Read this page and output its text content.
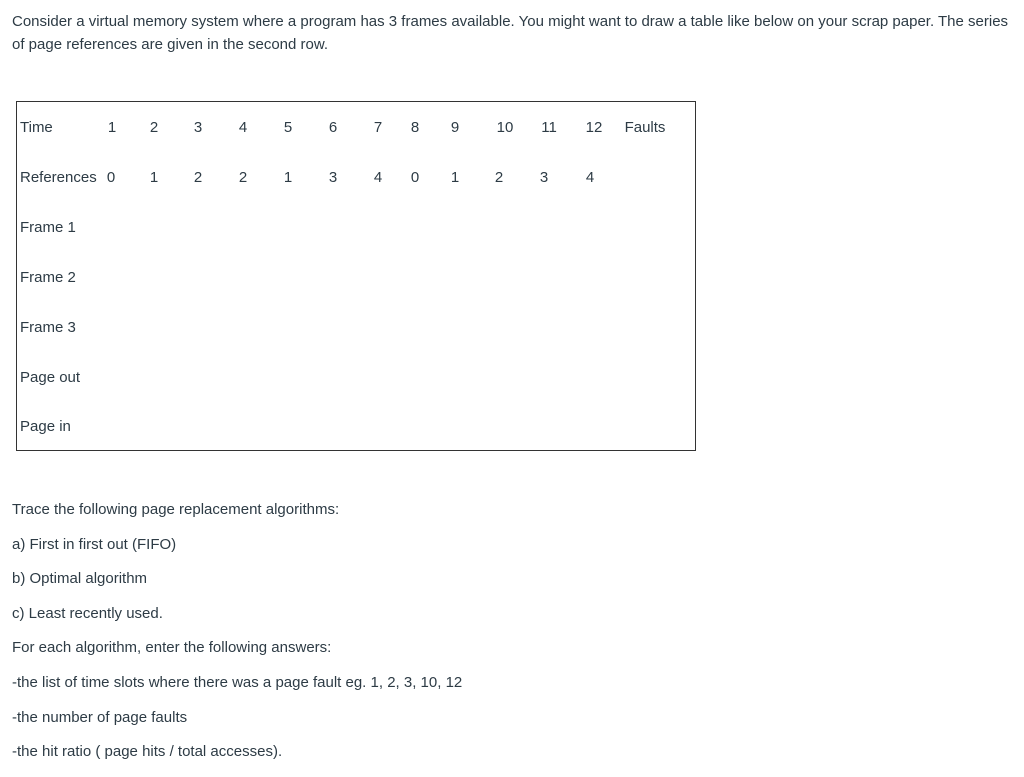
Consider a virtual memory system where a program has 3 frames available. You might want to draw a table like below on your scrap paper. The series of page references are given in the second row.

Time	1 2 3 4 5 6 7 8 9 10 11 12 Faults
References 0 1 2 2 1 3 4 0 1 2 3	4
Frame 1
Frame 2
Frame 3
Page out
Page in

Trace the following page replacement algorithms:

a) First in first out (FIFO)

b) Optimal algorithm

c) Least recently used.

For each algorithm, enter the following answers:

-the list of time slots where there was a page fault eg. 1, 2, 3, 10, 12

-the number of page faults

-the hit ratio ( page hits / total accesses).
